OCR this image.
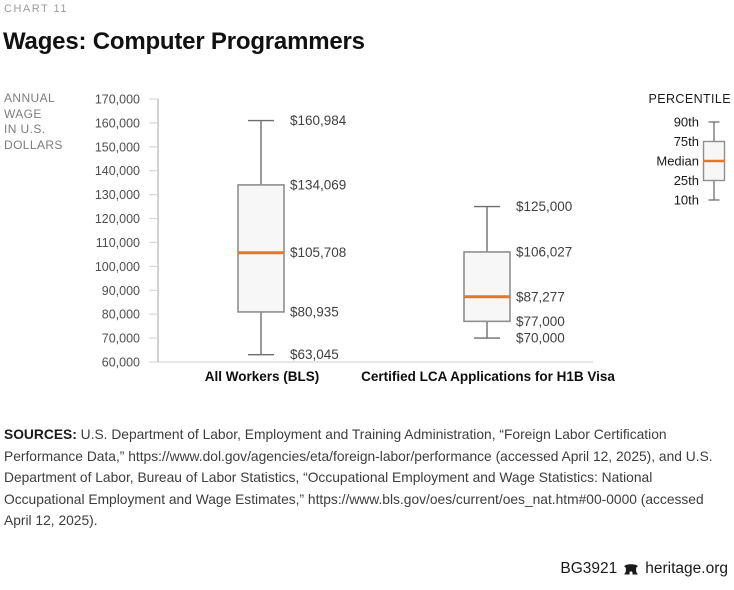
CHART 11
Wages: Computer Programmers
ANNUAL
WAGE
IN U.S.
DOLLARS
170,000
160,000
150,000
140,000
130,000
120,000
110,000
100,000
90,000
80,000
70,000
60,000
$160,984
$134,069
$105,708
$80,935
$63,045
All Workers (BLS)
$125,000
$106,027
$87,277
$77,000
$70,000
Certified LCA Applications for H1B Visa
PERCENTILE
90th
75th
Median
25th
10th

SOURCES: U.S. Department of Labor, Employment and Training Administration, “Foreign Labor Certification Performance Data,” https://www.dol.gov/agencies/eta/foreign-labor/performance (accessed April 12, 2025), and U.S. Department of Labor, Bureau of Labor Statistics, “Occupational Employment and Wage Statistics: National Occupational Employment and Wage Estimates,” https://www.bls.gov/oes/current/oes_nat.htm#00-0000 (accessed April 12, 2025).

BG3921 heritage.org
